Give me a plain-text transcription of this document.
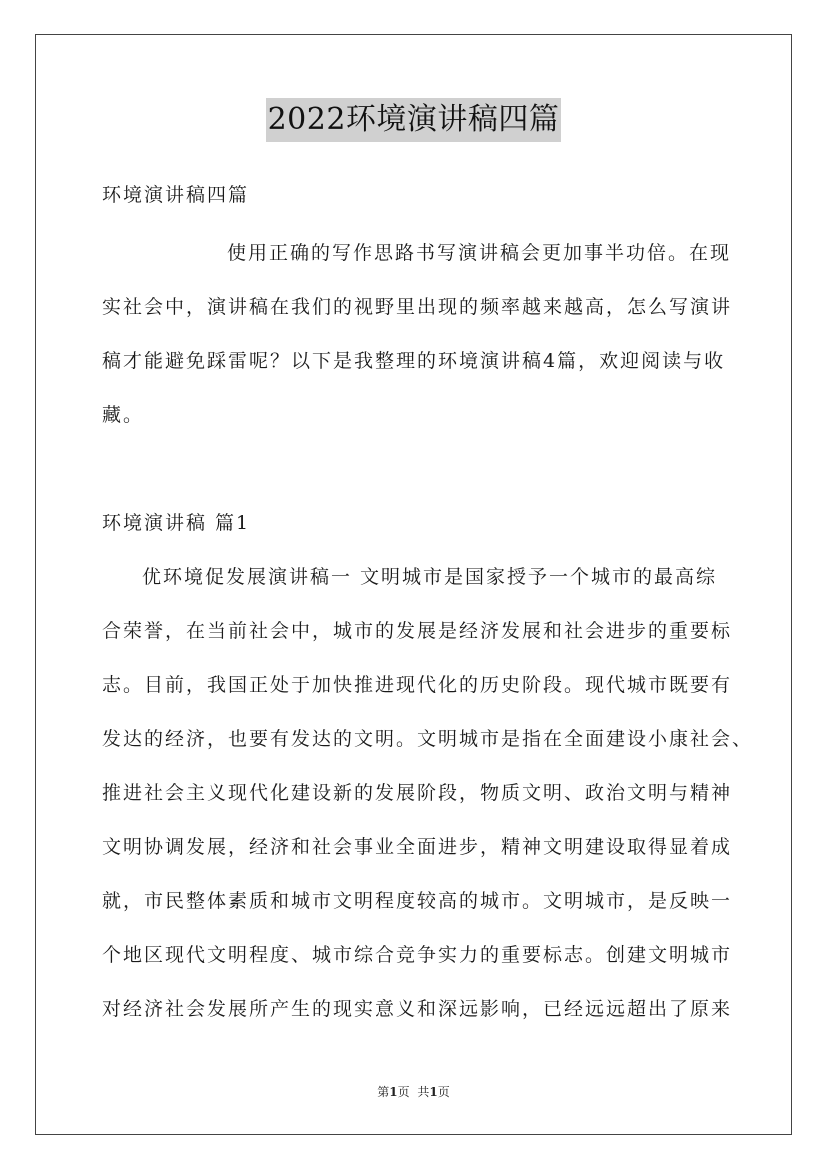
2022环境演讲稿四篇
环境演讲稿四篇
使用正确的写作思路书写演讲稿会更加事半功倍。在现
实社会中，演讲稿在我们的视野里出现的频率越来越高，怎么写演讲
稿才能避免踩雷呢？以下是我整理的环境演讲稿4篇，欢迎阅读与收
藏。
环境演讲稿 篇1
优环境促发展演讲稿一 文明城市是国家授予一个城市的最高综
合荣誉，在当前社会中，城市的发展是经济发展和社会进步的重要标
志。目前，我国正处于加快推进现代化的历史阶段。现代城市既要有
发达的经济，也要有发达的文明。文明城市是指在全面建设小康社会、
推进社会主义现代化建设新的发展阶段，物质文明、政治文明与精神
文明协调发展，经济和社会事业全面进步，精神文明建设取得显着成
就，市民整体素质和城市文明程度较高的城市。文明城市，是反映一
个地区现代文明程度、城市综合竞争实力的重要标志。创建文明城市
对经济社会发展所产生的现实意义和深远影响，已经远远超出了原来
第1页 共1页
